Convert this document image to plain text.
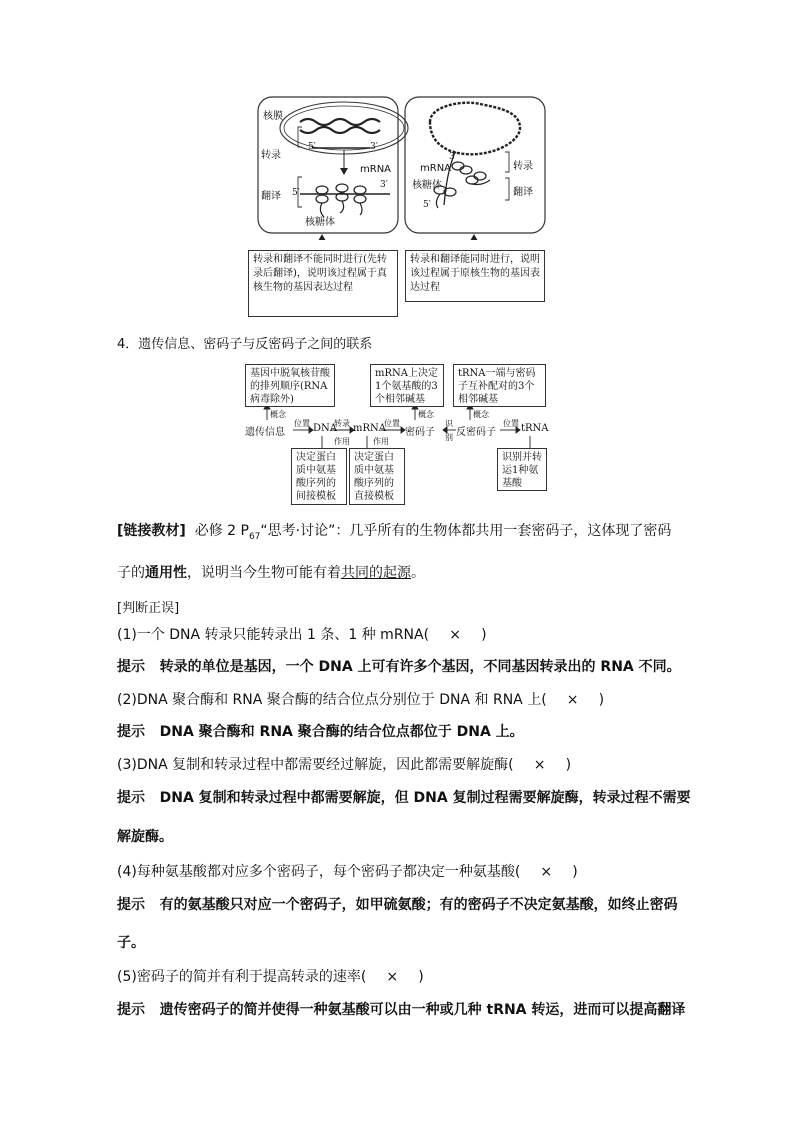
核膜
转录
翻译
5′	3′
mRNA
5′
3′
核糖体
mRNA
核糖体
3′
5′
转录
翻译
转录和翻译不能同时进行(先转录后翻译)，说明该过程属于真核生物的基因表达过程
转录和翻译能同时进行，说明该过程属于原核生物的基因表达过程
4．遗传信息、密码子与反密码子之间的联系
基因中脱氧核苷酸的排列顺序(RNA病毒除外)
mRNA上决定1个氨基酸的3个相邻碱基
tRNA一端与密码子互补配对的3个相邻碱基
遗传信息	DNA mRNA 密码子 反密码子	tRNA
概念	概念	概念
位置	转录	位置	识
别
位置
作用	作用
决定蛋白质中氨基酸序列的间接模板
决定蛋白质中氨基酸序列的直接模板
识别并转运1种氨基酸
[链接教材] 必修 2 $P_{67}“$思考·讨论”：几乎所有的生物体都共用一套密码子，这体现了密码
子的通用性，说明当今生物可能有着共同的起源。
[判断正误]
(1)一个 DNA 转录只能转录出 1 条、1 种 mRNA( × )
提示 转录的单位是基因，一个 DNA 上可有许多个基因，不同基因转录出的 RNA 不同。
(2)DNA 聚合酶和 RNA 聚合酶的结合位点分别位于 DNA 和 RNA 上( × )
提示 DNA 聚合酶和 RNA 聚合酶的结合位点都位于 DNA 上。
(3)DNA 复制和转录过程中都需要经过解旋，因此都需要解旋酶( × )
提示 DNA 复制和转录过程中都需要解旋，但 DNA 复制过程需要解旋酶，转录过程不需要
解旋酶。
(4)每种氨基酸都对应多个密码子，每个密码子都决定一种氨基酸( × )
提示 有的氨基酸只对应一个密码子，如甲硫氨酸；有的密码子不决定氨基酸，如终止密码
子。
(5)密码子的简并有利于提高转录的速率( × )
提示 遗传密码子的简并使得一种氨基酸可以由一种或几种 tRNA 转运，进而可以提高翻译
